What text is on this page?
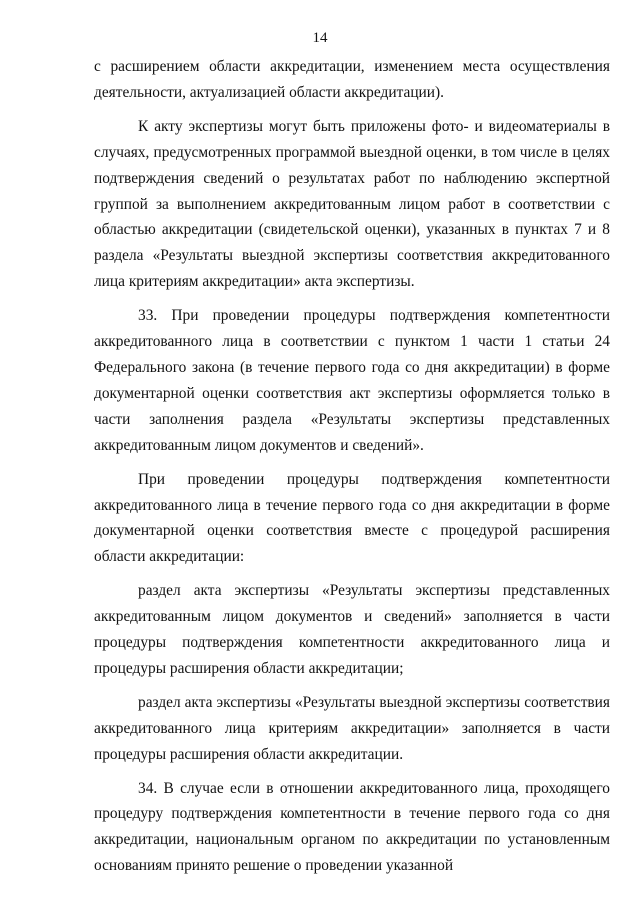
14

с расширением области аккредитации, изменением места осуществления деятельности, актуализацией области аккредитации).

К акту экспертизы могут быть приложены фото- и видеоматериалы в случаях, предусмотренных программой выездной оценки, в том числе в целях подтверждения сведений о результатах работ по наблюдению экспертной группой за выполнением аккредитованным лицом работ в соответствии с областью аккредитации (свидетельской оценки), указанных в пунктах 7 и 8 раздела «Результаты выездной экспертизы соответствия аккредитованного лица критериям аккредитации» акта экспертизы.

33. При проведении процедуры подтверждения компетентности аккредитованного лица в соответствии с пунктом 1 части 1 статьи 24 Федерального закона (в течение первого года со дня аккредитации) в форме документарной оценки соответствия акт экспертизы оформляется только в части заполнения раздела «Результаты экспертизы представленных аккредитованным лицом документов и сведений».

При проведении процедуры подтверждения компетентности аккредитованного лица в течение первого года со дня аккредитации в форме документарной оценки соответствия вместе с процедурой расширения области аккредитации:

раздел акта экспертизы «Результаты экспертизы представленных аккредитованным лицом документов и сведений» заполняется в части процедуры подтверждения компетентности аккредитованного лица и процедуры расширения области аккредитации;

раздел акта экспертизы «Результаты выездной экспертизы соответствия аккредитованного лица критериям аккредитации» заполняется в части процедуры расширения области аккредитации.

34. В случае если в отношении аккредитованного лица, проходящего процедуру подтверждения компетентности в течение первого года со дня аккредитации, национальным органом по аккредитации по установленным основаниям принято решение о проведении указанной
